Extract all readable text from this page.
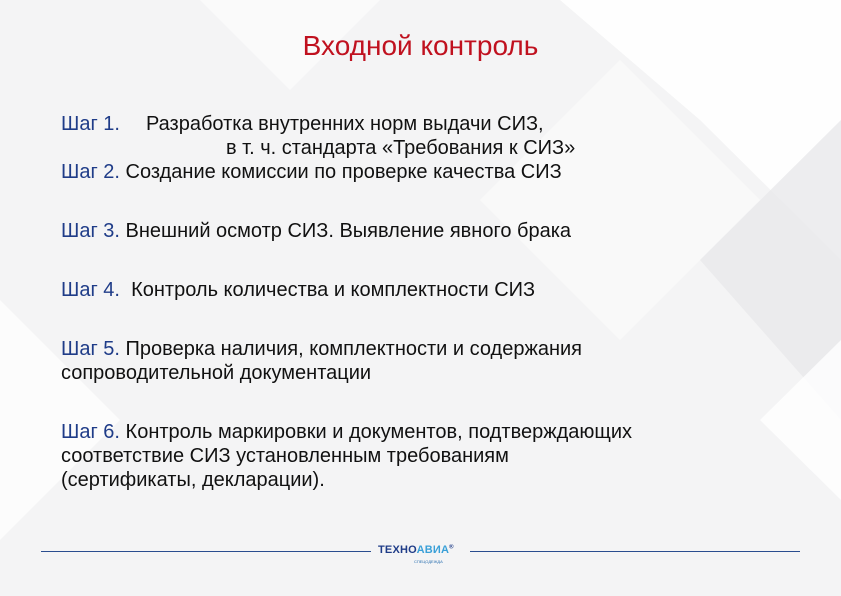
Входной контроль

Шаг 1. Разработка внутренних норм выдачи СИЗ,

в т. ч. стандарта «Требования к СИЗ»

Шаг 2. Создание комиссии по проверке качества СИЗ

Шаг 3. Внешний осмотр СИЗ. Выявление явного брака

Шаг 4. Контроль количества и комплектности СИЗ

Шаг 5. Проверка наличия, комплектности и содержания

сопроводительной документации

Шаг 6. Контроль маркировки и документов, подтверждающих

соответствие СИЗ установленным требованиям

(сертификаты, декларации).

ТЕХНОАВИА®
СПЕЦОДЕЖДА
